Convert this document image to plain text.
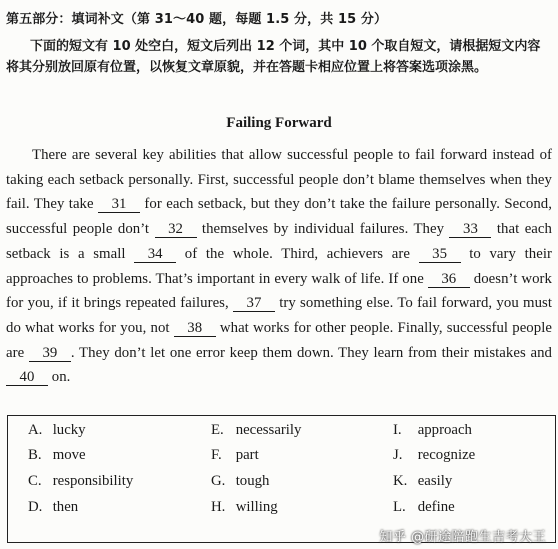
第五部分：填词补文（第 31～40 题，每题 1.5 分，共 15 分）
下面的短文有 10 处空白，短文后列出 12 个词，其中 10 个取自短文，请根据短文内容将其分别放回原有位置，以恢复文章原貌，并在答题卡相应位置上将答案选项涂黑。
Failing Forward
There are several key abilities that allow successful people to fail forward instead of taking each setback personally. First, successful people don’t blame themselves when they fail. They take 31 for each setback, but they don’t take the failure personally. Second, successful people don’t 32 themselves by individual failures. They 33 that each setback is a small 34 of the whole. Third, achievers are 35 to vary their approaches to problems. That’s important in every walk of life. If one 36 doesn’t work for you, if it brings repeated failures, 37 try something else. To fail forward, you must do what works for you, not 38 what works for other people. Finally, successful people are 39 . They don’t let one error keep them down. They learn from their mistakes and 40 on.
A. lucky
B. move
C. responsibility
D. then
E. necessarily
F. part
G. tough
H. willing
I. approach
J. recognize
K. easily
L. define
知乎 @研途陪跑生吉考大王
